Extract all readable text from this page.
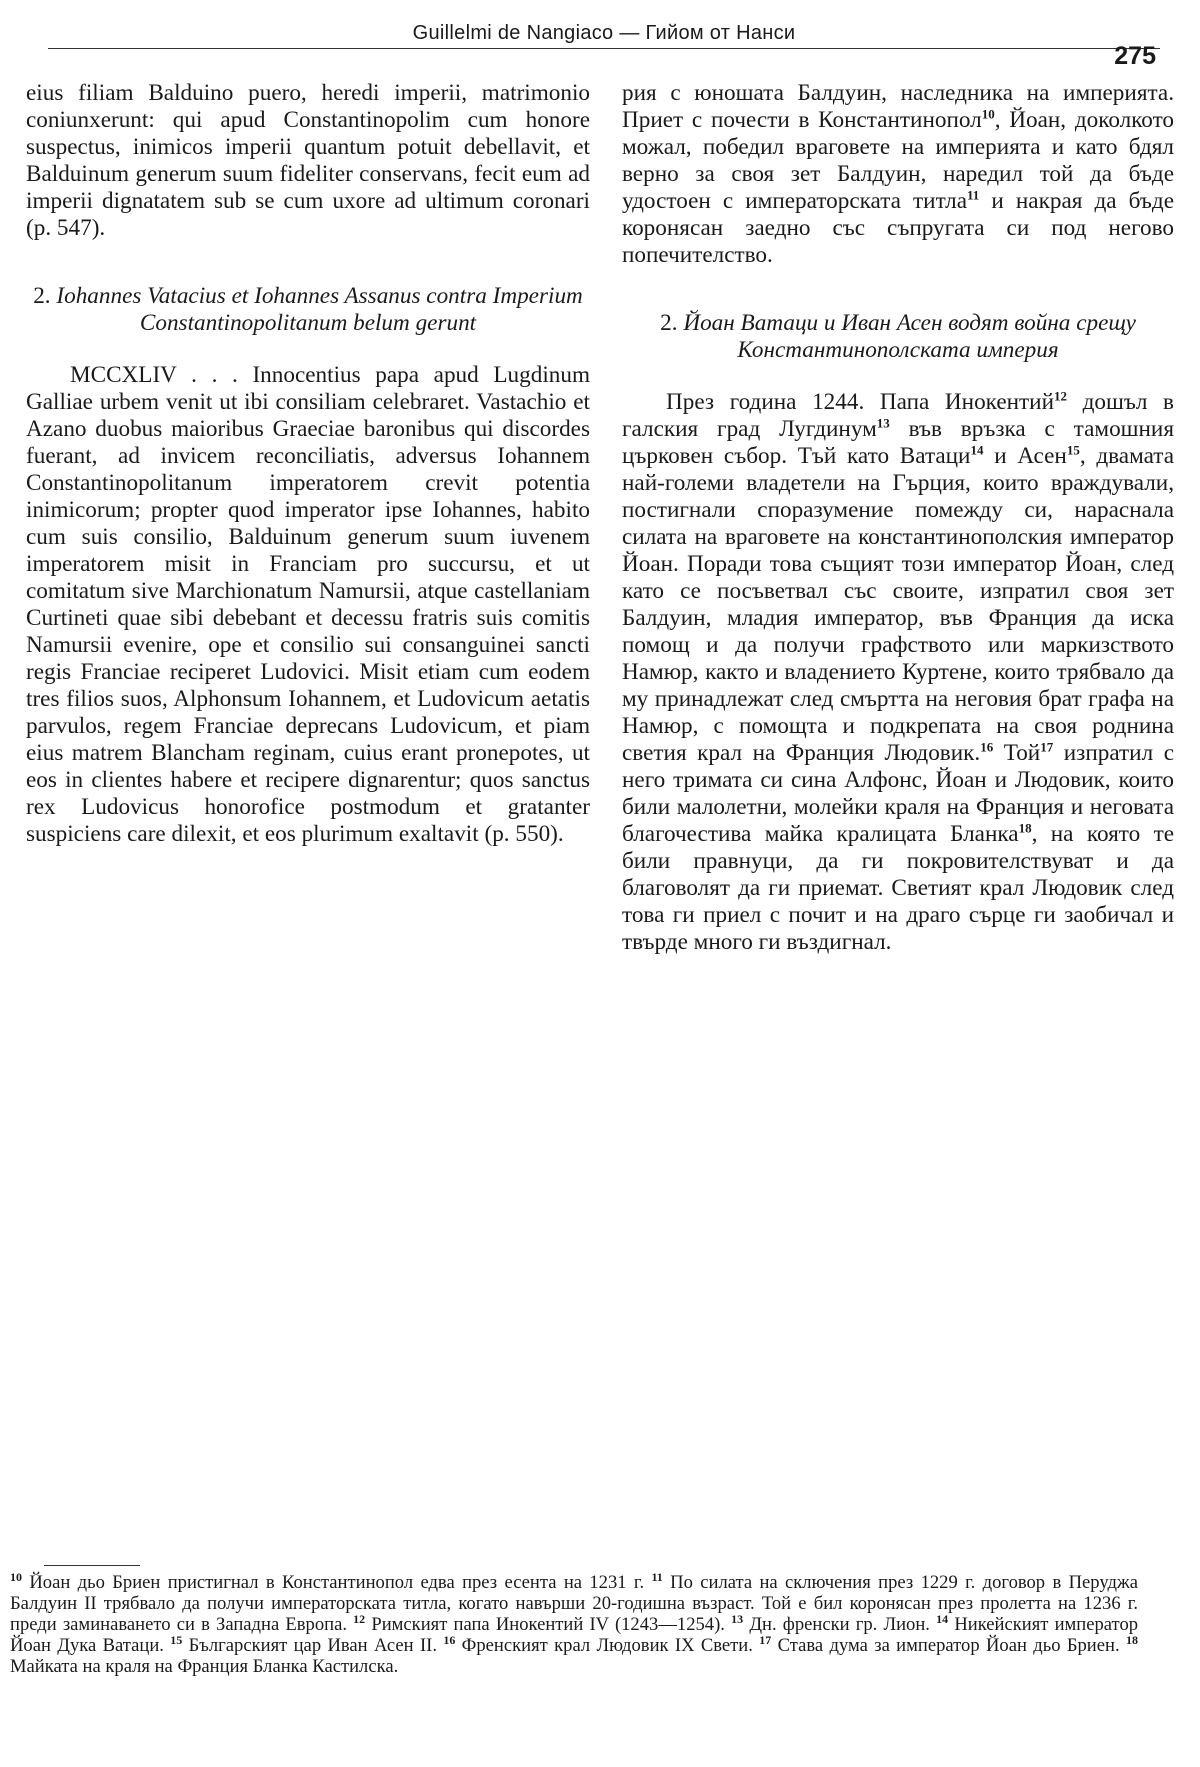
Guillelmi de Nangiaco — Гийом от Нанси
275

eius filiam Balduino puero, heredi imperii, matrimonio coniunxerunt: qui apud Constantinopolim cum honore suspectus, inimicos imperii quantum potuit debellavit, et Balduinum generum suum fideliter conservans, fecit eum ad imperii dignatatem sub se cum uxore ad ultimum coronari (p. 547).

2. Iohannes Vatacius et Iohannes Assanus contra Imperium Constantinopolitanum belum gerunt

MCCXLIV . . . Innocentius papa apud Lugdinum Galliae urbem venit ut ibi consiliam celebraret. Vastachio et Azano duobus maioribus Graeciae baronibus qui discordes fuerant, ad invicem reconciliatis, adversus Iohannem Constantinopolitanum imperatorem crevit potentia inimicorum; propter quod imperator ipse Iohannes, habito cum suis consilio, Balduinum generum suum iuvenem imperatorem misit in Franciam pro succursu, et ut comitatum sive Marchionatum Namursii, atque castellaniam Curtineti quae sibi debebant et decessu fratris suis comitis Namursii evenire, ope et consilio sui consanguinei sancti regis Franciae reciperet Ludovici. Misit etiam cum eodem tres filios suos, Alphonsum Iohannem, et Ludovicum aetatis parvulos, regem Franciae deprecans Ludovicum, et piam eius matrem Blancham reginam, cuius erant pronepotes, ut eos in clientes habere et recipere dignarentur; quos sanctus rex Ludovicus honorofice postmodum et gratanter suspiciens care dilexit, et eos plurimum exaltavit (p. 550).

рия с юношата Балдуин, наследника на империята. Приет с почести в Константинопол$^{10}$, Йоан, доколкото можал, победил враговете на империята и като бдял верно за своя зет Балдуин, наредил той да бъде удостоен с императорската титла$^{11}$ и накрая да бъде коронясан заедно със съпругата си под негово попечителство.

2. Йоан Ватаци и Иван Асен водят война срещу Константинополската империя

През година 1244. Папа Инокентий$^{12}$ дошъл в галския град Лугдинум$^{13}$ във връзка с тамошния църковен събор. Тъй като Ватаци$^{14}$ и Асен$^{15}$, двамата най-големи владетели на Гърция, които враждували, постигнали споразумение помежду си, нараснала силата на враговете на константинополския император Йоан. Поради това същият този император Йоан, след като се посъветвал със своите, изпратил своя зет Балдуин, младия император, във Франция да иска помощ и да получи графството или маркизството Намюр, както и владението Куртене, които трябвало да му принадлежат след смъртта на неговия брат графа на Намюр, с помощта и подкрепата на своя роднина светия крал на Франция Людовик.$^{16}$ Той$^{17}$ изпратил с него тримата си сина Алфонс, Йоан и Людовик, които били малолетни, молейки краля на Франция и неговата благочестива майка кралицата Бланка$^{18}$, на която те били правнуци, да ги покровителствуват и да благоволят да ги приемат. Светият крал Людовик след това ги приел с почит и на драго сърце ги заобичал и твърде много ги въздигнал.

$^{10}$ Йоан дьо Бриен пристигнал в Константинопол едва през есента на 1231 г. $^{11}$ По силата на сключения през 1229 г. договор в Перуджа Балдуин II трябвало да получи императорската титла, когато навърши 20-годишна възраст. Той е бил коронясан през пролетта на 1236 г. преди заминаването си в Западна Европа. $^{12}$ Римският папа Инокентий IV (1243—1254). $^{13}$ Дн. френски гр. Лион. $^{14}$ Никейският император Йоан Дука Ватаци. $^{15}$ Българският цар Иван Асен II. $^{16}$ Френският крал Людовик IX Свети. $^{17}$ Става дума за император Йоан дьо Бриен. $^{18}$ Майката на краля на Франция Бланка Кастилска.
